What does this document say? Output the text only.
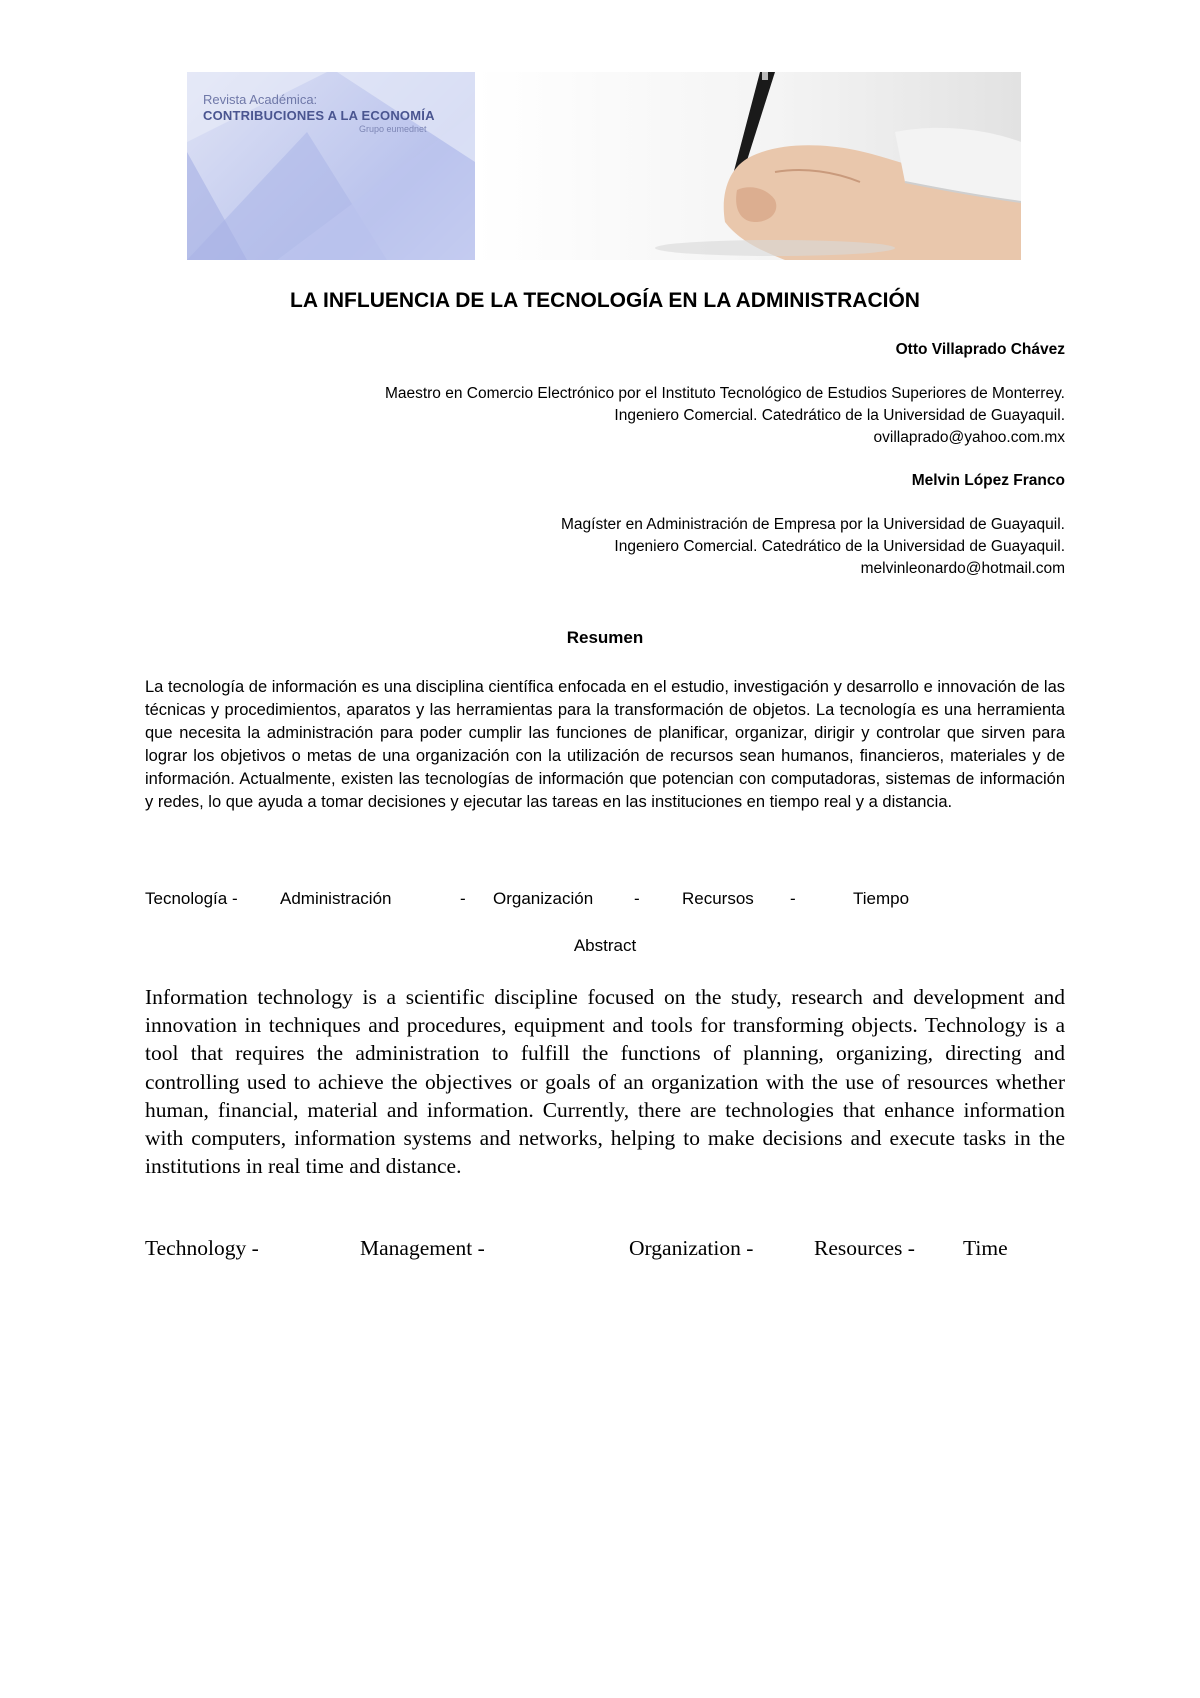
Revista Académica:
CONTRIBUCIONES A LA ECONOMÍA
Grupo eumednet
LA INFLUENCIA DE LA TECNOLOGÍA EN LA ADMINISTRACIÓN
Otto Villaprado Chávez
Maestro en Comercio Electrónico por el Instituto Tecnológico de Estudios Superiores de Monterrey.
Ingeniero Comercial. Catedrático de la Universidad de Guayaquil.
ovillaprado@yahoo.com.mx
Melvin López Franco
Magíster en Administración de Empresa por la Universidad de Guayaquil.
Ingeniero Comercial. Catedrático de la Universidad de Guayaquil.
melvinleonardo@hotmail.com
Resumen
La tecnología de información es una disciplina científica enfocada en el estudio, investigación y desarrollo e innovación de las técnicas y procedimientos, aparatos y las herramientas para la transformación de objetos. La tecnología es una herramienta que necesita la administración para poder cumplir las funciones de planificar, organizar, dirigir y controlar que sirven para lograr los objetivos o metas de una organización con la utilización de recursos sean humanos, financieros, materiales y de información. Actualmente, existen las tecnologías de información que potencian con computadoras, sistemas de información y redes, lo que ayuda a tomar decisiones y ejecutar las tareas en las instituciones en tiempo real y a distancia.
Tecnología - Administración	- Organización - Recursos -	Tiempo
Abstract
Information technology is a scientific discipline focused on the study, research and development and innovation in techniques and procedures, equipment and tools for transforming objects. Technology is a tool that requires the administration to fulfill the functions of planning, organizing, directing and controlling used to achieve the objectives or goals of an organization with the use of resources whether human, financial, material and information. Currently, there are technologies that enhance information with computers, information systems and networks, helping to make decisions and execute tasks in the institutions in real time and distance.
Technology -	Management -	Organization -	Resources - Time
